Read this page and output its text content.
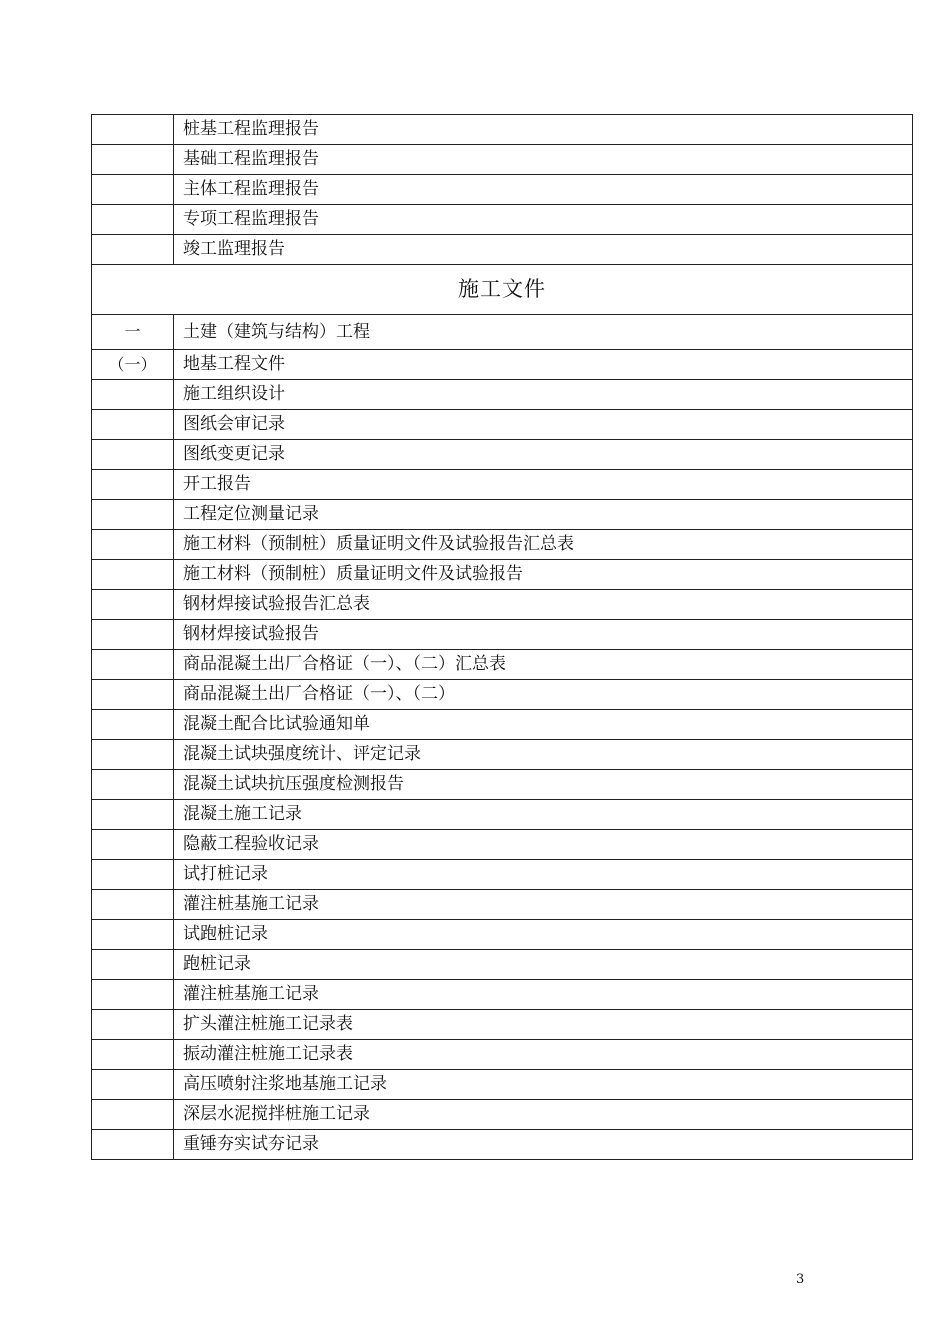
	桩基工程监理报告
	基础工程监理报告
	主体工程监理报告
	专项工程监理报告
	竣工监理报告
施工文件	
一	土建（建筑与结构）工程
（一）	地基工程文件
	施工组织设计
	图纸会审记录
	图纸变更记录
	开工报告
	工程定位测量记录
	施工材料（预制桩）质量证明文件及试验报告汇总表
	施工材料（预制桩）质量证明文件及试验报告
	钢材焊接试验报告汇总表
	钢材焊接试验报告
	商品混凝土出厂合格证（一）、（二）汇总表
	商品混凝土出厂合格证（一）、（二）
	混凝土配合比试验通知单
	混凝土试块强度统计、评定记录
	混凝土试块抗压强度检测报告
	混凝土施工记录
	隐蔽工程验收记录
	试打桩记录
	灌注桩基施工记录
	试跑桩记录
	跑桩记录
	灌注桩基施工记录
	扩头灌注桩施工记录表
	振动灌注桩施工记录表
	高压喷射注浆地基施工记录
	深层水泥搅拌桩施工记录
	重锤夯实试夯记录
3
